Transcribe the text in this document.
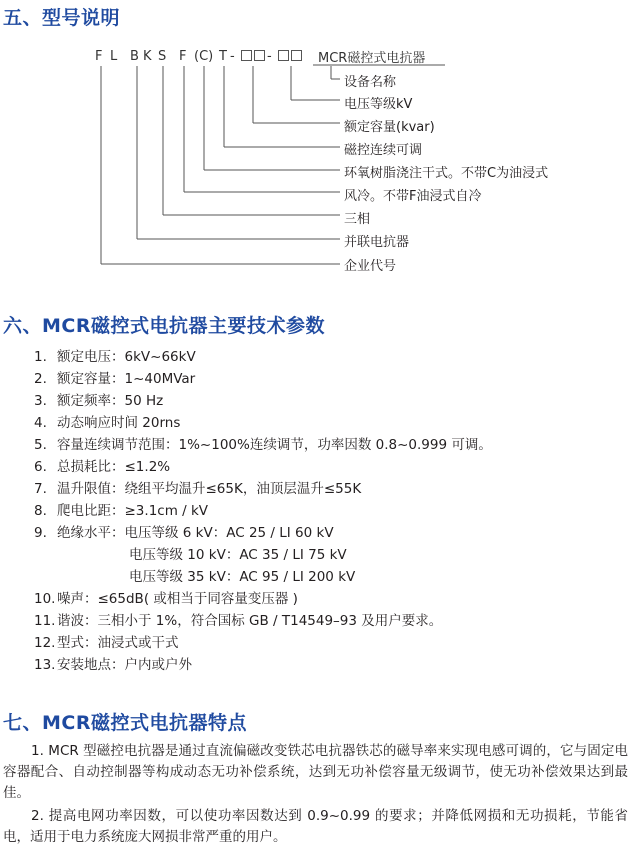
五、型号说明
F L B K S F (C) T - -	MCR磁控式电抗器
设备名称
电压等级kV
额定容量(kvar)
磁控连续可调
环氧树脂浇注干式。不带C为油浸式
风冷。不带F油浸式自冷
三相
并联电抗器
企业代号
六、MCR磁控式电抗器主要技术参数
1. 额定电压：6kV~66kV
2. 额定容量：1~40MVar
3. 额定频率：50 Hz
4. 动态响应时间 20rns
5. 容量连续调节范围：1%~100%连续调节，功率因数 0.8~0.999 可调。
6. 总损耗比：≤1.2%
7. 温升限值：绕组平均温升≤65K，油顶层温升≤55K
8. 爬电比距：≥3.1cm / kV
9. 绝缘水平：电压等级 6 kV：AC 25 / LI 60 kV
电压等级 10 kV：AC 35 / LI 75 kV
电压等级 35 kV：AC 95 / LI 200 kV
10. 噪声：≤65dB( 或相当于同容量变压器 )
11. 谐波：三相小于 1%，符合国标 GB / T14549–93 及用户要求。
12. 型式：油浸式或干式
13. 安装地点：户内或户外
七、MCR磁控式电抗器特点

1. MCR 型磁控电抗器是通过直流偏磁改变铁芯电抗器铁芯的磁导率来实现电感可调的，它与固定电容器配合、自动控制器等构成动态无功补偿系统，达到无功补偿容量无级调节，使无功补偿效果达到最佳。

2. 提高电网功率因数，可以使功率因数达到 0.9~0.99 的要求；并降低网损和无功损耗，节能省电，适用于电力系统庞大网损非常严重的用户。
